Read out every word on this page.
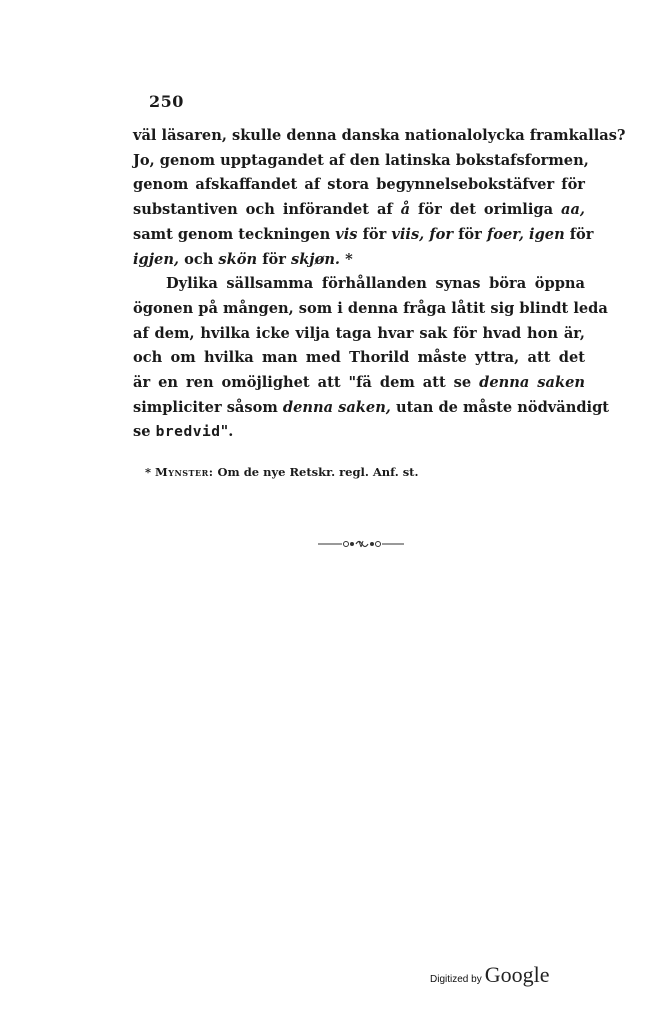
250
väl läsaren, skulle denna danska nationalolycka framkallas?
Jo, genom upptagandet af den latinska bokstafsformen,
genom afskaffandet af stora begynnelsebokstäfver för
substantiven och införandet af å för det orimliga aa,
samt genom teckningen vis för viis, for för foer, igen för
igjen, och skön för skjøn. *
Dylika sällsamma förhållanden synas böra öppna
ögonen på mången, som i denna fråga låtit sig blindt leda
af dem, hvilka icke vilja taga hvar sak för hvad hon är,
och om hvilka man med Thorild måste yttra, att det
är en ren omöjlighet att "fä dem att se denna saken
simpliciter såsom denna saken, utan de måste nödvändigt
se bredvid".
* Mynster: Om de nye Retskr. regl. Anf. st.
Digitized by Google
